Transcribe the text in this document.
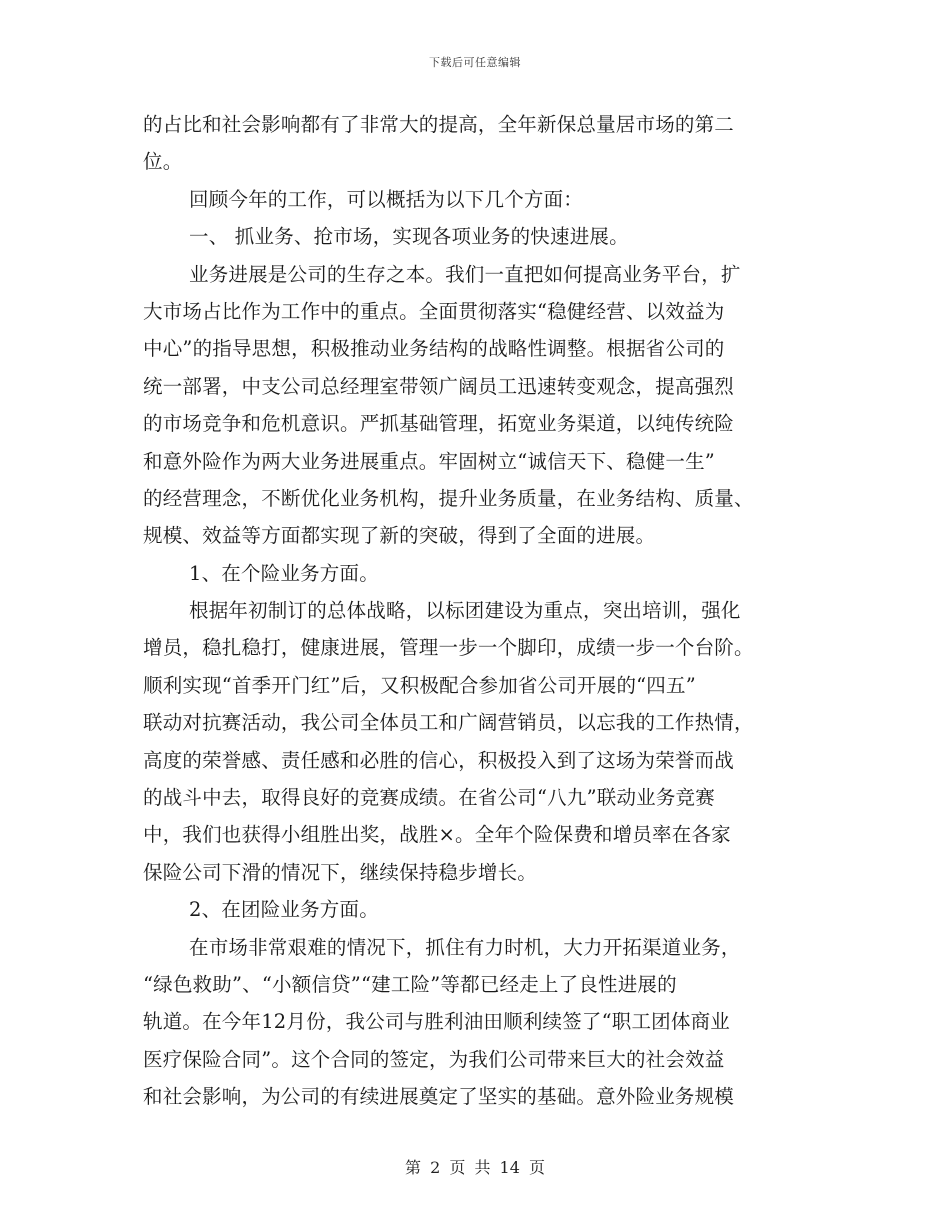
下载后可任意编辑
的占比和社会影响都有了非常大的提高，全年新保总量居市场的第二
位。
回顾今年的工作，可以概括为以下几个方面：
一、 抓业务、抢市场，实现各项业务的快速进展。
业务进展是公司的生存之本。我们一直把如何提高业务平台，扩
大市场占比作为工作中的重点。全面贯彻落实“稳健经营、以效益为
中心”的指导思想，积极推动业务结构的战略性调整。根据省公司的
统一部署，中支公司总经理室带领广阔员工迅速转变观念，提高强烈
的市场竞争和危机意识。严抓基础管理，拓宽业务渠道，以纯传统险
和意外险作为两大业务进展重点。牢固树立“诚信天下、稳健一生”
的经营理念，不断优化业务机构，提升业务质量，在业务结构、质量、
规模、效益等方面都实现了新的突破，得到了全面的进展。
1、在个险业务方面。
根据年初制订的总体战略，以标团建设为重点，突出培训，强化
增员，稳扎稳打，健康进展，管理一步一个脚印，成绩一步一个台阶。
顺利实现“首季开门红”后，又积极配合参加省公司开展的“四五”
联动对抗赛活动，我公司全体员工和广阔营销员，以忘我的工作热情，
高度的荣誉感、责任感和必胜的信心，积极投入到了这场为荣誉而战
的战斗中去，取得良好的竞赛成绩。在省公司“八九”联动业务竞赛
中，我们也获得小组胜出奖，战胜×。全年个险保费和增员率在各家
保险公司下滑的情况下，继续保持稳步增长。
2、在团险业务方面。
在市场非常艰难的情况下，抓住有力时机，大力开拓渠道业务，
“绿色救助”、“小额信贷”“建工险”等都已经走上了良性进展的
轨道。在今年12月份，我公司与胜利油田顺利续签了“职工团体商业
医疗保险合同”。这个合同的签定，为我们公司带来巨大的社会效益
和社会影响，为公司的有续进展奠定了坚实的基础。意外险业务规模
第 2 页 共 14 页
